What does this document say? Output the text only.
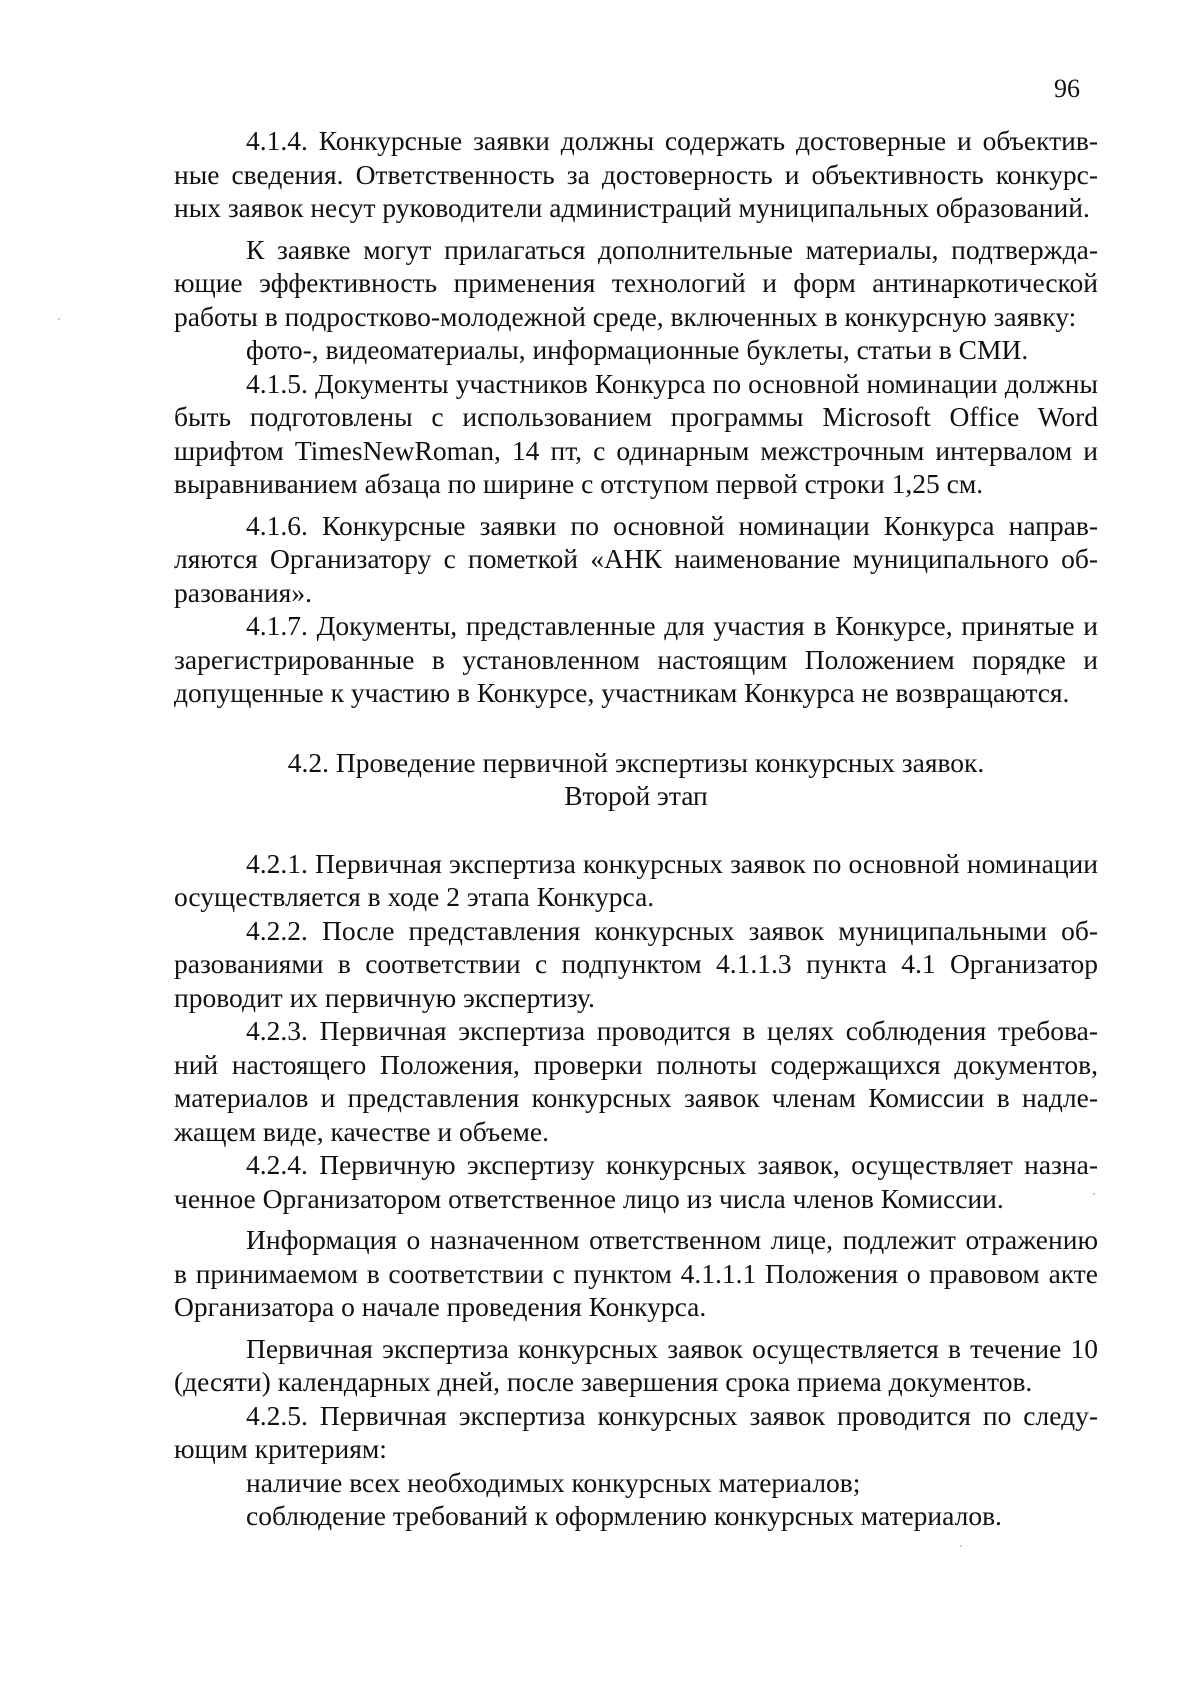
96

4.1.4. Конкурсные заявки должны содержать достоверные и объективные сведения. Ответственность за достоверность и объективность конкурсных заявок несут руководители администраций муниципальных образований.

К заявке могут прилагаться дополнительные материалы, подтверждающие эффективность применения технологий и форм антинаркотической работы в подростково-молодежной среде, включенных в конкурсную заявку:

фото-, видеоматериалы, информационные буклеты, статьи в СМИ.

4.1.5. Документы участников Конкурса по основной номинации должны быть подготовлены с использованием программы Microsoft Office Word шрифтом TimesNewRoman, 14 пт, с одинарным межстрочным интервалом и выравниванием абзаца по ширине с отступом первой строки 1,25 см.

4.1.6. Конкурсные заявки по основной номинации Конкурса направляются Организатору с пометкой «АНК наименование муниципального образования».

4.1.7. Документы, представленные для участия в Конкурсе, принятые и зарегистрированные в установленном настоящим Положением порядке и допущенные к участию в Конкурсе, участникам Конкурса не возвращаются.

4.2. Проведение первичной экспертизы конкурсных заявок.
Второй этап

4.2.1. Первичная экспертиза конкурсных заявок по основной номинации осуществляется в ходе 2 этапа Конкурса.

4.2.2. После представления конкурсных заявок муниципальными образованиями в соответствии с подпунктом 4.1.1.3 пункта 4.1 Организатор проводит их первичную экспертизу.

4.2.3. Первичная экспертиза проводится в целях соблюдения требований настоящего Положения, проверки полноты содержащихся документов, материалов и представления конкурсных заявок членам Комиссии в надлежащем виде, качестве и объеме.

4.2.4. Первичную экспертизу конкурсных заявок, осуществляет назначенное Организатором ответственное лицо из числа членов Комиссии.

Информация о назначенном ответственном лице, подлежит отражению в принимаемом в соответствии с пунктом 4.1.1.1 Положения о правовом акте Организатора о начале проведения Конкурса.

Первичная экспертиза конкурсных заявок осуществляется в течение 10 (десяти) календарных дней, после завершения срока приема документов.

4.2.5. Первичная экспертиза конкурсных заявок проводится по следующим критериям:

наличие всех необходимых конкурсных материалов;

соблюдение требований к оформлению конкурсных материалов.
